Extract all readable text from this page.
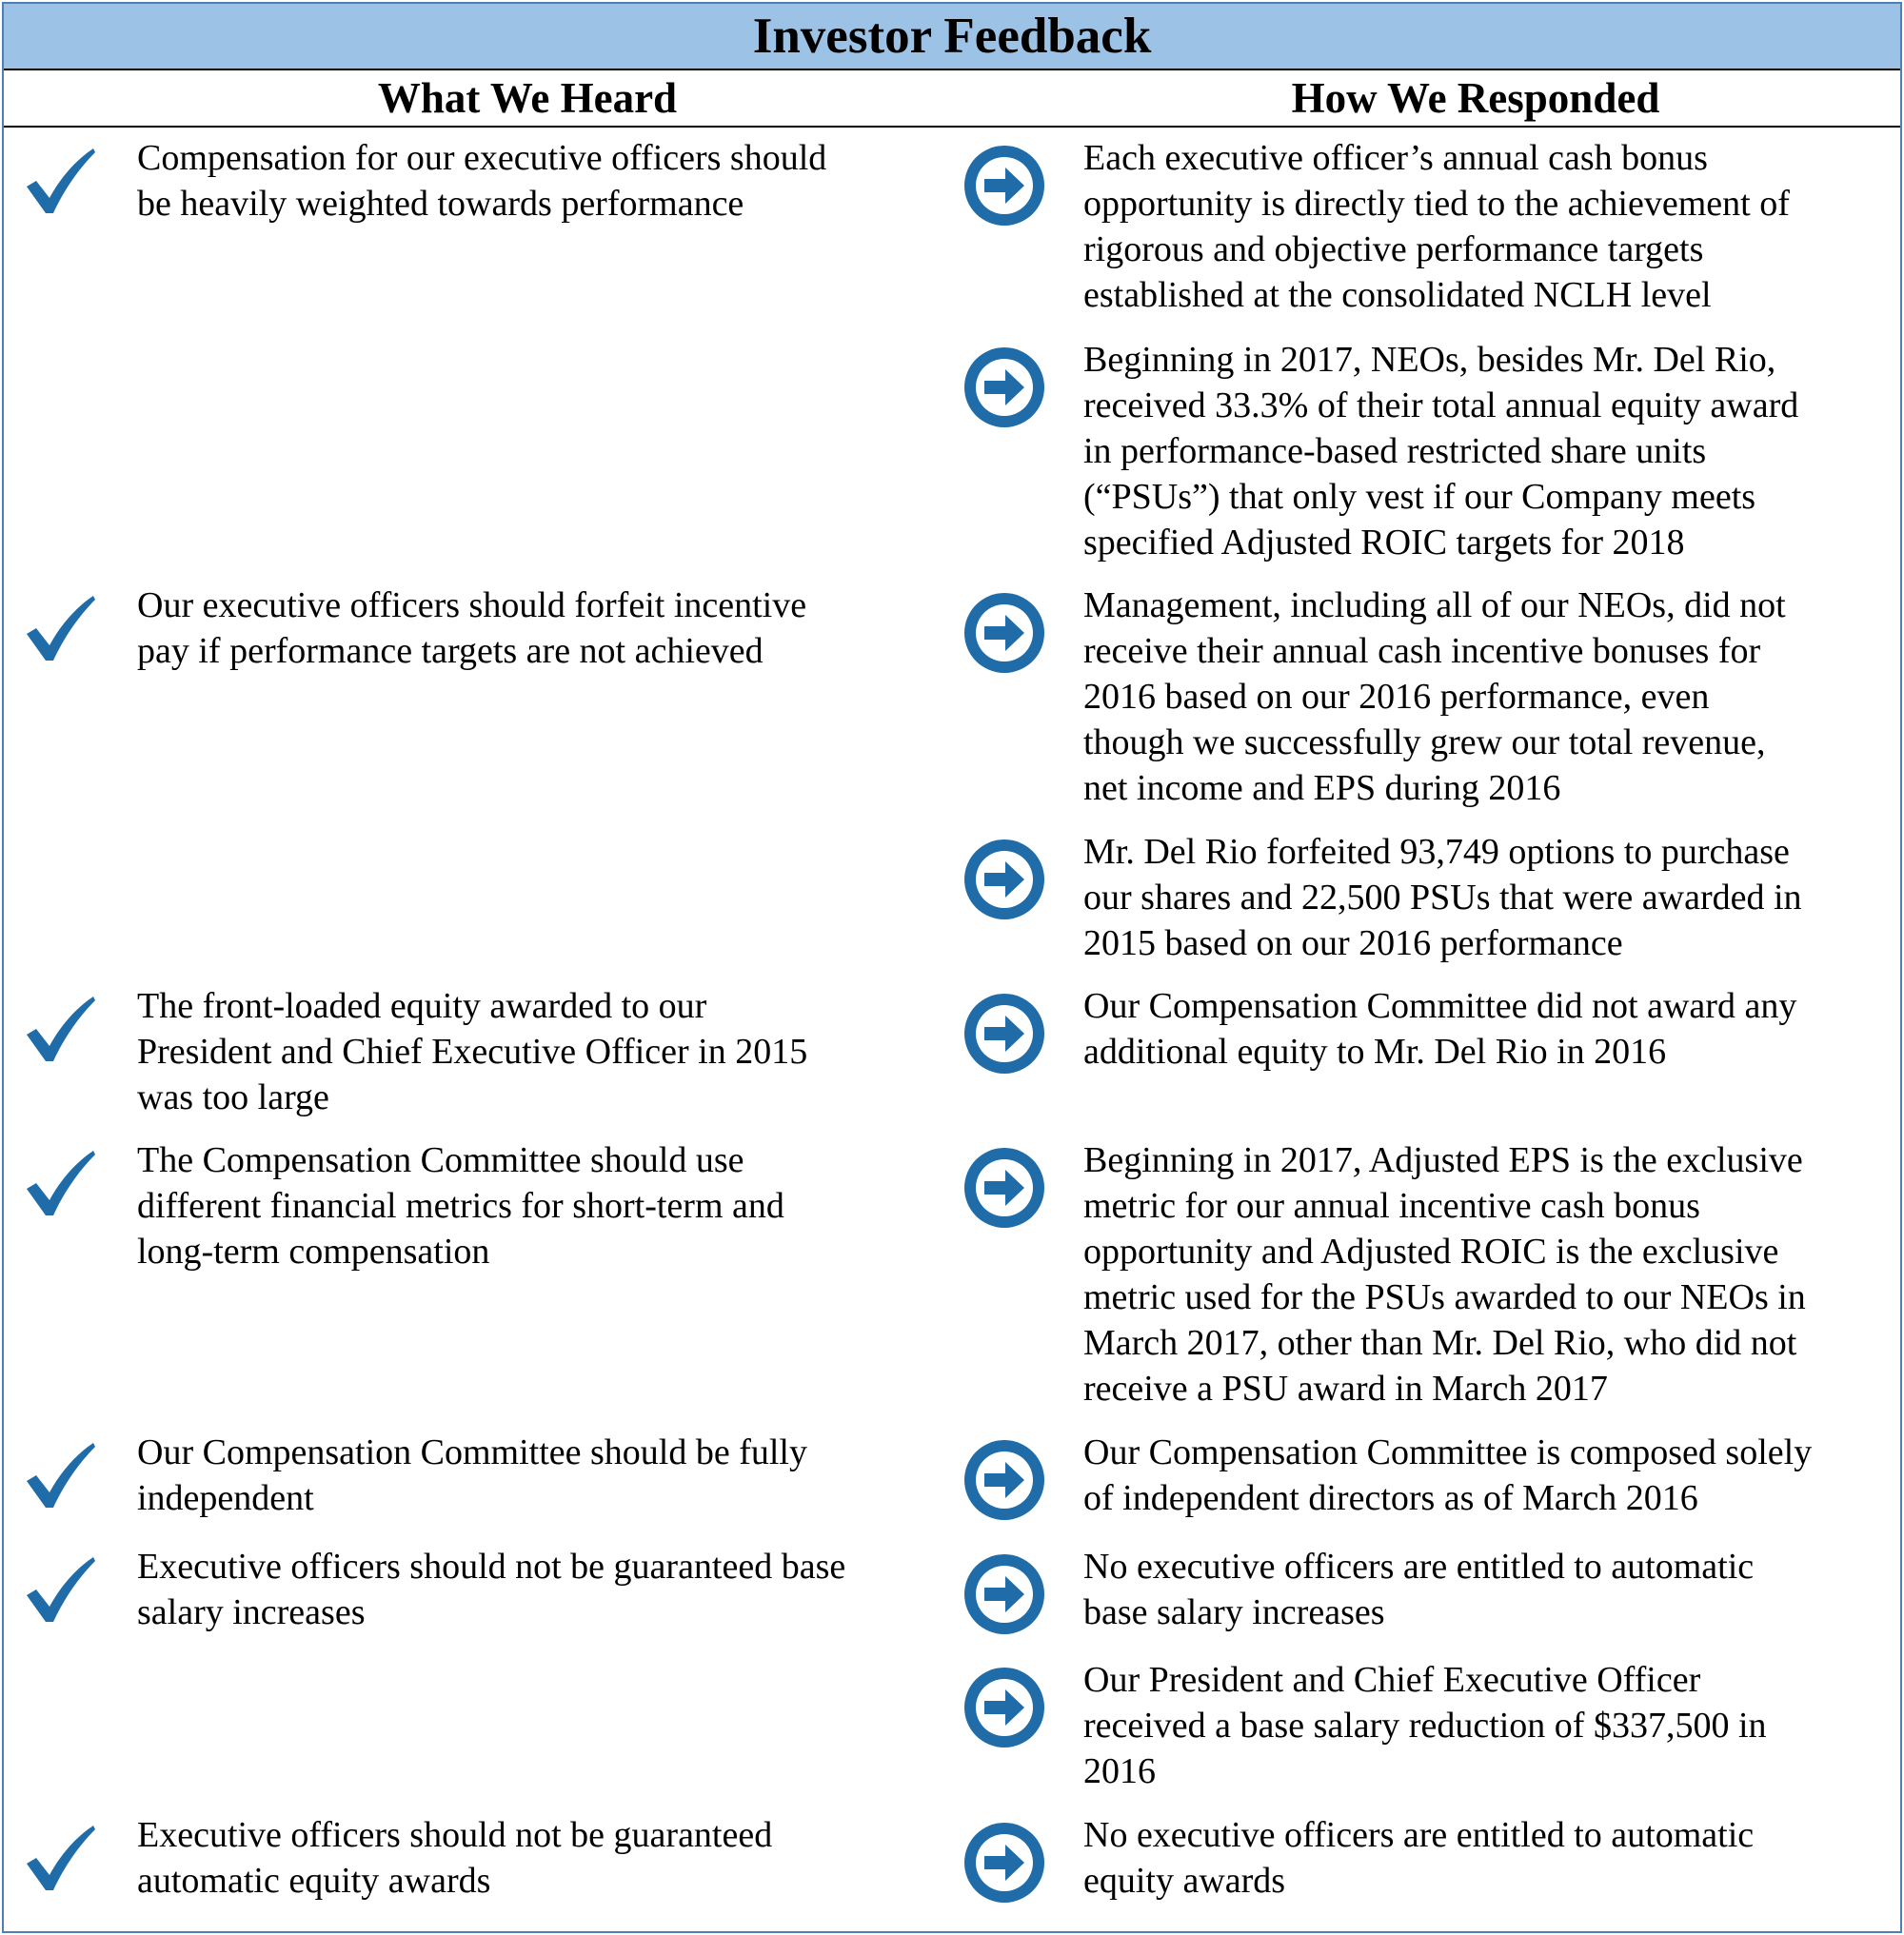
Investor Feedback
What We Heard	How We Responded
Compensation for our executive officers should
be heavily weighted towards performance
Our executive officers should forfeit incentive
pay if performance targets are not achieved
The front-loaded equity awarded to our
President and Chief Executive Officer in 2015
was too large
The Compensation Committee should use
different financial metrics for short-term and
long-term compensation
Our Compensation Committee should be fully
independent
Executive officers should not be guaranteed base
salary increases
Executive officers should not be guaranteed
automatic equity awards
Each executive officer’s annual cash bonus
opportunity is directly tied to the achievement of
rigorous and objective performance targets
established at the consolidated NCLH level
Beginning in 2017, NEOs, besides Mr. Del Rio,
received 33.3% of their total annual equity award
in performance-based restricted share units
(“PSUs”) that only vest if our Company meets
specified Adjusted ROIC targets for 2018
Management, including all of our NEOs, did not
receive their annual cash incentive bonuses for
2016 based on our 2016 performance, even
though we successfully grew our total revenue,
net income and EPS during 2016
Mr. Del Rio forfeited 93,749 options to purchase
our shares and 22,500 PSUs that were awarded in
2015 based on our 2016 performance
Our Compensation Committee did not award any
additional equity to Mr. Del Rio in 2016
Beginning in 2017, Adjusted EPS is the exclusive
metric for our annual incentive cash bonus
opportunity and Adjusted ROIC is the exclusive
metric used for the PSUs awarded to our NEOs in
March 2017, other than Mr. Del Rio, who did not
receive a PSU award in March 2017
Our Compensation Committee is composed solely
of independent directors as of March 2016
No executive officers are entitled to automatic
base salary increases
Our President and Chief Executive Officer
received a base salary reduction of $337,500 in
2016
No executive officers are entitled to automatic
equity awards
